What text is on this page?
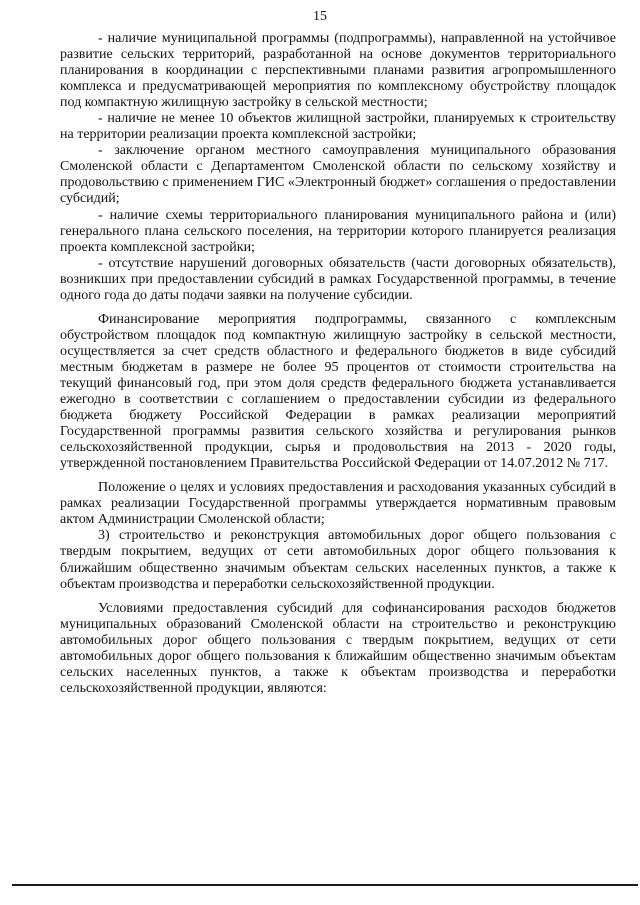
15

- наличие муниципальной программы (подпрограммы), направленной на устойчивое развитие сельских территорий, разработанной на основе документов территориального планирования в координации с перспективными планами развития агропромышленного комплекса и предусматривающей мероприятия по комплексному обустройству площадок под компактную жилищную застройку в сельской местности;

- наличие не менее 10 объектов жилищной застройки, планируемых к строительству на территории реализации проекта комплексной застройки;

- заключение органом местного самоуправления муниципального образования Смоленской области с Департаментом Смоленской области по сельскому хозяйству и продовольствию с применением ГИС «Электронный бюджет» соглашения о предоставлении субсидий;

- наличие схемы территориального планирования муниципального района и (или) генерального плана сельского поселения, на территории которого планируется реализация проекта комплексной застройки;

- отсутствие нарушений договорных обязательств (части договорных обязательств), возникших при предоставлении субсидий в рамках Государственной программы, в течение одного года до даты подачи заявки на получение субсидии.

Финансирование мероприятия подпрограммы, связанного с комплексным обустройством площадок под компактную жилищную застройку в сельской местности, осуществляется за счет средств областного и федерального бюджетов в виде субсидий местным бюджетам в размере не более 95 процентов от стоимости строительства на текущий финансовый год, при этом доля средств федерального бюджета устанавливается ежегодно в соответствии с соглашением о предоставлении субсидии из федерального бюджета бюджету Российской Федерации в рамках реализации мероприятий Государственной программы развития сельского хозяйства и регулирования рынков сельскохозяйственной продукции, сырья и продовольствия на 2013 - 2020 годы, утвержденной постановлением Правительства Российской Федерации от 14.07.2012 № 717.

Положение о целях и условиях предоставления и расходования указанных субсидий в рамках реализации Государственной программы утверждается нормативным правовым актом Администрации Смоленской области;

3) строительство и реконструкция автомобильных дорог общего пользования с твердым покрытием, ведущих от сети автомобильных дорог общего пользования к ближайшим общественно значимым объектам сельских населенных пунктов, а также к объектам производства и переработки сельскохозяйственной продукции.

Условиями предоставления субсидий для софинансирования расходов бюджетов муниципальных образований Смоленской области на строительство и реконструкцию автомобильных дорог общего пользования с твердым покрытием, ведущих от сети автомобильных дорог общего пользования к ближайшим общественно значимым объектам сельских населенных пунктов, а также к объектам производства и переработки сельскохозяйственной продукции, являются:
